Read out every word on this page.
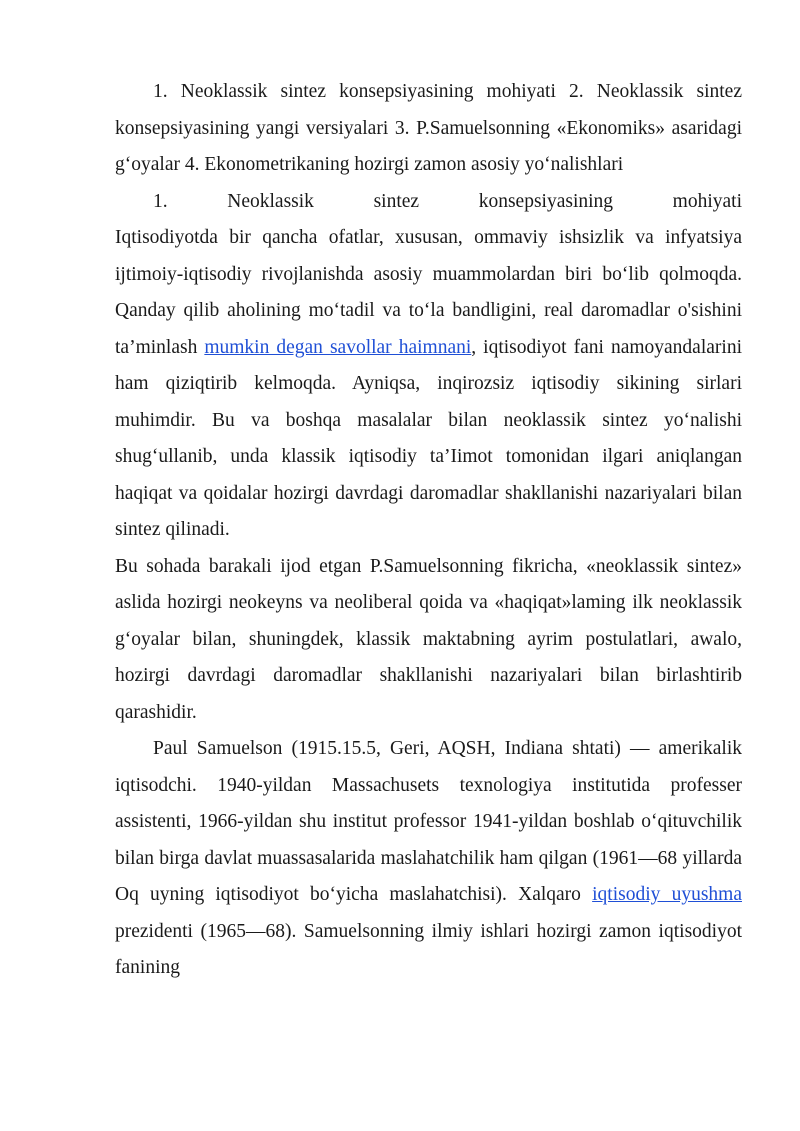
1. Neoklassik sintez konsepsiyasining mohiyati 2. Neoklassik sintez konsepsiyasining yangi versiyalari 3. P.Samuelsonning «Ekonomiks» asaridagi g‘oyalar 4. Ekonometrikaning hozirgi zamon asosiy yo‘nalishlari

1. Neoklassik sintez konsepsiyasining mohiyati
Iqtisodiyotda bir qancha ofatlar, xususan, ommaviy ishsizlik va infyatsiya ijtimoiy-iqtisodiy rivojlanishda asosiy muammolardan biri bo‘lib qolmoqda. Qanday qilib aholining mo‘tadil va to‘la bandligini, real daromadlar o'sishini ta’minlash mumkin degan savollar haimnani, iqtisodiyot fani namoyandalarini ham qiziqtirib kelmoqda. Ayniqsa, inqirozsiz iqtisodiy sikining sirlari muhimdir. Bu va boshqa masalalar bilan neoklassik sintez yo‘nalishi shug‘ullanib, unda klassik iqtisodiy ta’Iimot tomonidan ilgari aniqlangan haqiqat va qoidalar hozirgi davrdagi daromadlar shakllanishi nazariyalari bilan sintez qilinadi.

Bu sohada barakali ijod etgan P.Samuelsonning fikricha, «neoklassik sintez» aslida hozirgi neokeyns va neoliberal qoida va «haqiqat»laming ilk neoklassik g‘oyalar bilan, shuningdek, klassik maktabning ayrim postulatlari, awalo, hozirgi davrdagi daromadlar shakllanishi nazariyalari bilan birlashtirib qarashidir.

Paul Samuelson (1915.15.5, Geri, AQSH, Indiana shtati) — amerikalik iqtisodchi. 1940-yildan Massachusets texnologiya institutida professer assistenti, 1966-yildan shu institut professor 1941-yildan boshlab o‘qituvchilik bilan birga davlat muassasalarida maslahatchilik ham qilgan (1961—68 yillarda Oq uyning iqtisodiyot bo‘yicha maslahatchisi). Xalqaro iqtisodiy uyushma prezidenti (1965—68). Samuelsonning ilmiy ishlari hozirgi zamon iqtisodiyot fanining
